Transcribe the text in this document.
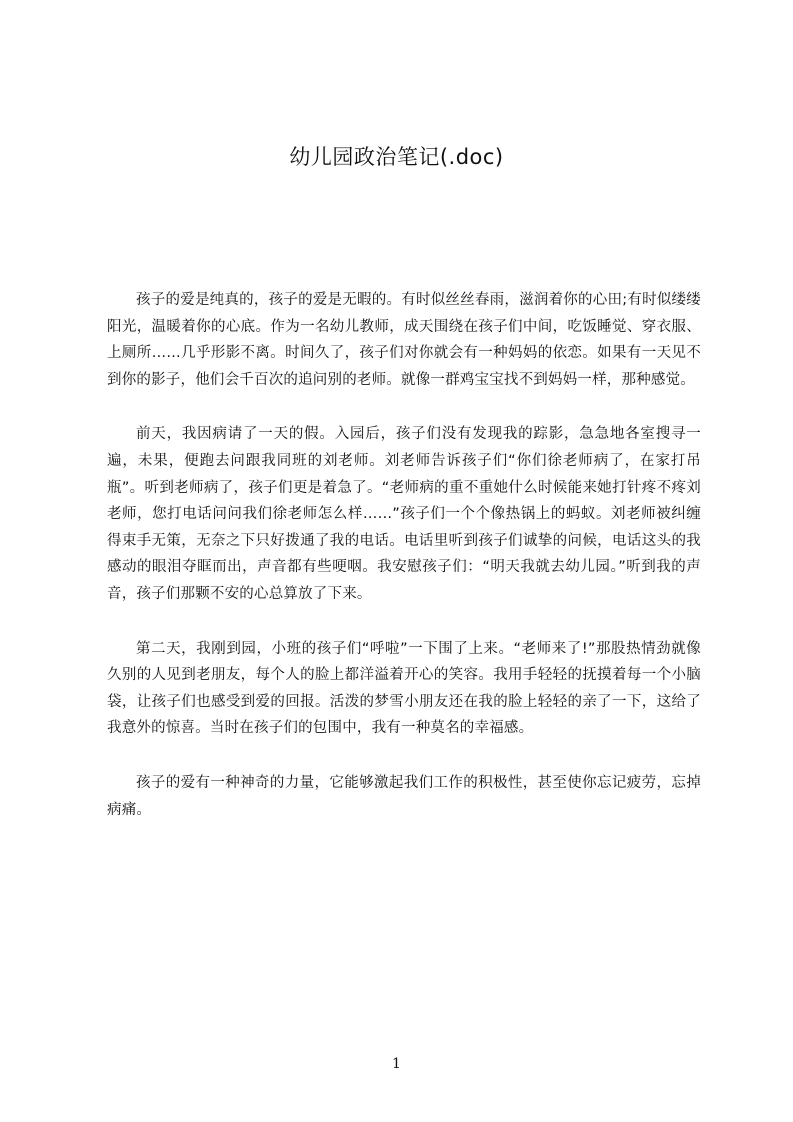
幼儿园政治笔记(.doc)

孩子的爱是纯真的，孩子的爱是无暇的。有时似丝丝春雨，滋润着你的心田;有时似缕缕阳光，温暖着你的心底。作为一名幼儿教师，成天围绕在孩子们中间，吃饭睡觉、穿衣服、上厕所……几乎形影不离。时间久了，孩子们对你就会有一种妈妈的依恋。如果有一天见不到你的影子，他们会千百次的追问别的老师。就像一群鸡宝宝找不到妈妈一样，那种感觉。

前天，我因病请了一天的假。入园后，孩子们没有发现我的踪影，急急地各室搜寻一遍，未果，便跑去问跟我同班的刘老师。刘老师告诉孩子们“你们徐老师病了，在家打吊瓶”。听到老师病了，孩子们更是着急了。“老师病的重不重她什么时候能来她打针疼不疼刘老师，您打电话问问我们徐老师怎么样……”孩子们一个个像热锅上的蚂蚁。刘老师被纠缠得束手无策，无奈之下只好拨通了我的电话。电话里听到孩子们诚挚的问候，电话这头的我感动的眼泪夺眶而出，声音都有些哽咽。我安慰孩子们：“明天我就去幼儿园。”听到我的声音，孩子们那颗不安的心总算放了下来。

第二天，我刚到园，小班的孩子们“呼啦”一下围了上来。“老师来了!”那股热情劲就像久别的人见到老朋友，每个人的脸上都洋溢着开心的笑容。我用手轻轻的抚摸着每一个小脑袋，让孩子们也感受到爱的回报。活泼的梦雪小朋友还在我的脸上轻轻的亲了一下，这给了我意外的惊喜。当时在孩子们的包围中，我有一种莫名的幸福感。

孩子的爱有一种神奇的力量，它能够激起我们工作的积极性，甚至使你忘记疲劳，忘掉病痛。

1
